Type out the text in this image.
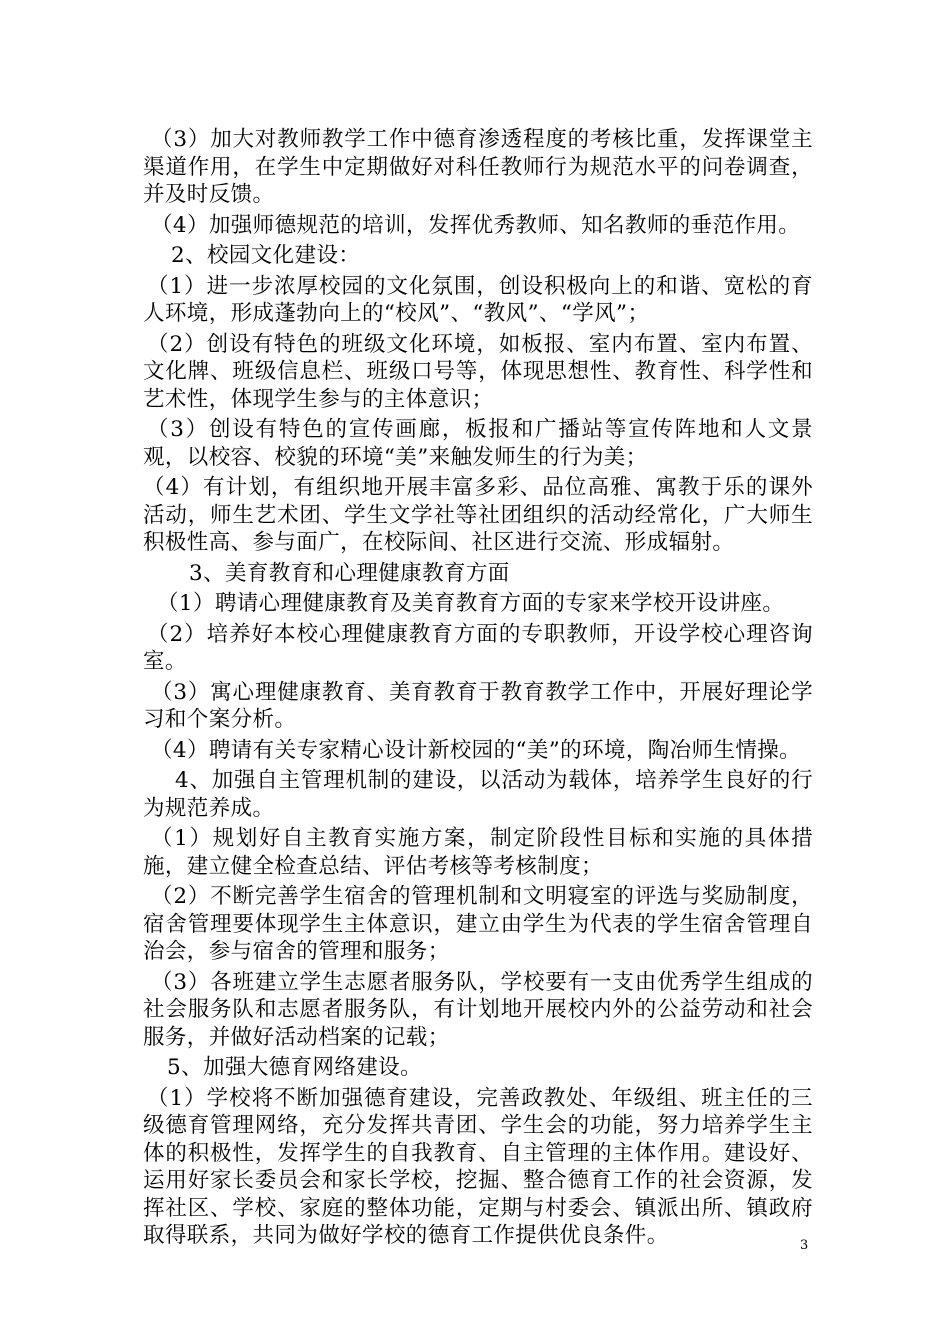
（3）加大对教师教学工作中德育渗透程度的考核比重，发挥课堂主渠道作用，在学生中定期做好对科任教师行为规范水平的问卷调查，并及时反馈。

（4）加强师德规范的培训，发挥优秀教师、知名教师的垂范作用。

2、校园文化建设：

（1）进一步浓厚校园的文化氛围，创设积极向上的和谐、宽松的育人环境，形成蓬勃向上的“校风”、“教风”、“学风”；

（2）创设有特色的班级文化环境，如板报、室内布置、室内布置、文化牌、班级信息栏、班级口号等，体现思想性、教育性、科学性和艺术性，体现学生参与的主体意识；

（3）创设有特色的宣传画廊，板报和广播站等宣传阵地和人文景观，以校容、校貌的环境“美”来触发师生的行为美；

（4）有计划，有组织地开展丰富多彩、品位高雅、寓教于乐的课外活动，师生艺术团、学生文学社等社团组织的活动经常化，广大师生积极性高、参与面广，在校际间、社区进行交流、形成辐射。

3、美育教育和心理健康教育方面

（1）聘请心理健康教育及美育教育方面的专家来学校开设讲座。

（2）培养好本校心理健康教育方面的专职教师，开设学校心理咨询室。

（3）寓心理健康教育、美育教育于教育教学工作中，开展好理论学习和个案分析。

（4）聘请有关专家精心设计新校园的“美”的环境，陶冶师生情操。

4、加强自主管理机制的建设，以活动为载体，培养学生良好的行为规范养成。

（1）规划好自主教育实施方案，制定阶段性目标和实施的具体措施，建立健全检查总结、评估考核等考核制度；

（2）不断完善学生宿舍的管理机制和文明寝室的评选与奖励制度，宿舍管理要体现学生主体意识，建立由学生为代表的学生宿舍管理自治会，参与宿舍的管理和服务；

（3）各班建立学生志愿者服务队，学校要有一支由优秀学生组成的社会服务队和志愿者服务队，有计划地开展校内外的公益劳动和社会服务，并做好活动档案的记载；

5、加强大德育网络建设。

（1）学校将不断加强德育建设，完善政教处、年级组、班主任的三级德育管理网络，充分发挥共青团、学生会的功能，努力培养学生主体的积极性，发挥学生的自我教育、自主管理的主体作用。建设好、运用好家长委员会和家长学校，挖掘、整合德育工作的社会资源，发挥社区、学校、家庭的整体功能，定期与村委会、镇派出所、镇政府取得联系，共同为做好学校的德育工作提供优良条件。	3
